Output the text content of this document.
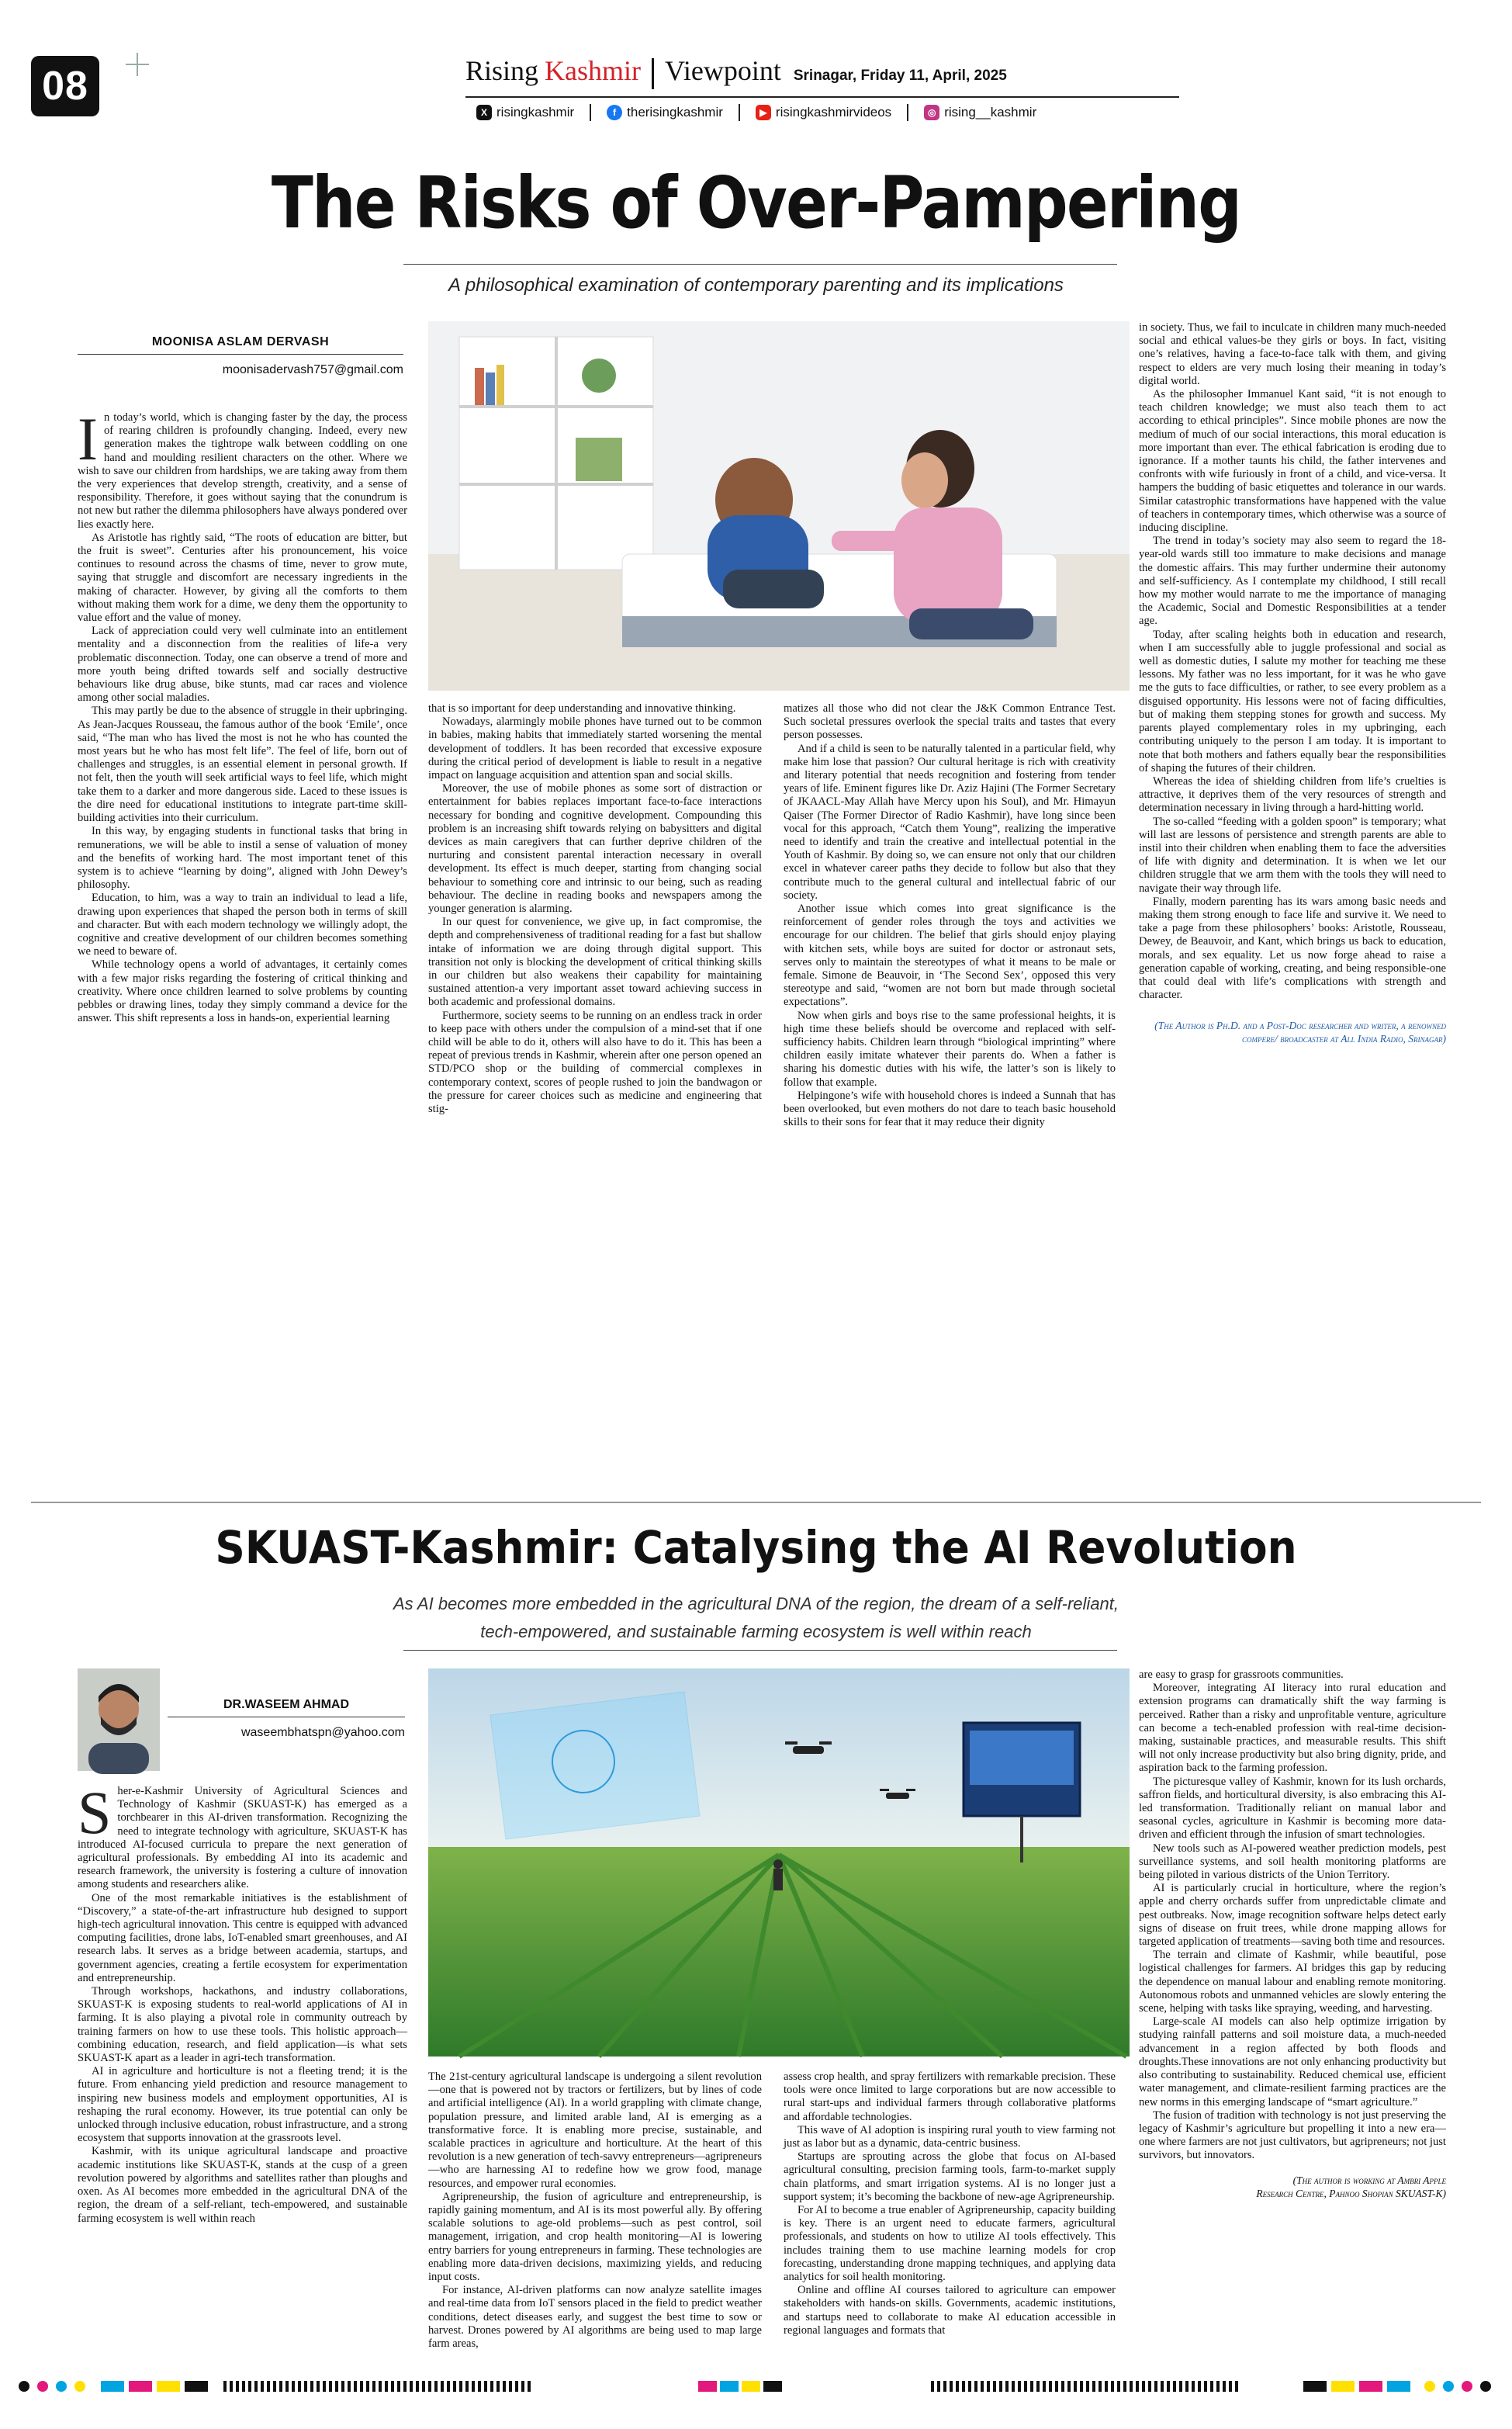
08	Rising Kashmir Viewpoint Srinagar, Friday 11, April, 2025
X risingkashmir	f therisingkashmir	▶ risingkashmirvideos	◎ rising__kashmir
The Risks of Over-Pampering
A philosophical examination of contemporary parenting and its implications
MOONISA ASLAM DERVASH
moonisadervash757@gmail.com

In today’s world, which is changing faster by the day, the process of rearing children is profoundly changing. Indeed, every new generation makes the tightrope walk between coddling on one hand and moulding resilient characters on the other. Where we wish to save our children from hardships, we are taking away from them the very experiences that develop strength, creativity, and a sense of responsibility. Therefore, it goes without saying that the conundrum is not new but rather the dilemma philosophers have always pondered over lies exactly here.

As Aristotle has rightly said, “The roots of education are bitter, but the fruit is sweet”. Centuries after his pronouncement, his voice continues to resound across the chasms of time, never to grow mute, saying that struggle and discomfort are necessary ingredients in the making of character. However, by giving all the comforts to them without making them work for a dime, we deny them the opportunity to value effort and the value of money.

Lack of appreciation could very well culminate into an entitlement mentality and a disconnection from the realities of life-a very problematic disconnection. Today, one can observe a trend of more and more youth being drifted towards self and socially destructive behaviours like drug abuse, bike stunts, mad car races and violence among other social maladies.

This may partly be due to the absence of struggle in their upbringing. As Jean-Jacques Rousseau, the famous author of the book ‘Emile’, once said, “The man who has lived the most is not he who has counted the most years but he who has most felt life”. The feel of life, born out of challenges and struggles, is an essential element in personal growth. If not felt, then the youth will seek artificial ways to feel life, which might take them to a darker and more dangerous side. Laced to these issues is the dire need for educational institutions to integrate part-time skill-building activities into their curriculum.

In this way, by engaging students in functional tasks that bring in remunerations, we will be able to instil a sense of valuation of money and the benefits of working hard. The most important tenet of this system is to achieve “learning by doing”, aligned with John Dewey’s philosophy.

Education, to him, was a way to train an individual to lead a life, drawing upon experiences that shaped the person both in terms of skill and character. But with each modern technology we willingly adopt, the cognitive and creative development of our children becomes something we need to beware of.

While technology opens a world of advantages, it certainly comes with a few major risks regarding the fostering of critical thinking and creativity. Where once children learned to solve problems by counting pebbles or drawing lines, today they simply command a device for the answer. This shift represents a loss in hands-on, experiential learning

that is so important for deep understanding and innovative thinking.

Nowadays, alarmingly mobile phones have turned out to be common in babies, making habits that immediately started worsening the mental development of toddlers. It has been recorded that excessive exposure during the critical period of development is liable to result in a negative impact on language acquisition and attention span and social skills.

Moreover, the use of mobile phones as some sort of distraction or entertainment for babies replaces important face-to-face interactions necessary for bonding and cognitive development. Compounding this problem is an increasing shift towards relying on babysitters and digital devices as main caregivers that can further deprive children of the nurturing and consistent parental interaction necessary in overall development. Its effect is much deeper, starting from changing social behaviour to something core and intrinsic to our being, such as reading behaviour. The decline in reading books and newspapers among the younger generation is alarming.

In our quest for convenience, we give up, in fact compromise, the depth and comprehensiveness of traditional reading for a fast but shallow intake of information we are doing through digital support. This transition not only is blocking the development of critical thinking skills in our children but also weakens their capability for maintaining sustained attention-a very important asset toward achieving success in both academic and professional domains.

Furthermore, society seems to be running on an endless track in order to keep pace with others under the compulsion of a mind-set that if one child will be able to do it, others will also have to do it. This has been a repeat of previous trends in Kashmir, wherein after one person opened an STD/PCO shop or the building of commercial complexes in contemporary context, scores of people rushed to join the bandwagon or the pressure for career choices such as medicine and engineering that stig-

matizes all those who did not clear the J&K Common Entrance Test. Such societal pressures overlook the special traits and tastes that every person possesses.

And if a child is seen to be naturally talented in a particular field, why make him lose that passion? Our cultural heritage is rich with creativity and literary potential that needs recognition and fostering from tender years of life. Eminent figures like Dr. Aziz Hajini (The Former Secretary of JKAACL-May Allah have Mercy upon his Soul), and Mr. Himayun Qaiser (The Former Director of Radio Kashmir), have long since been vocal for this approach, “Catch them Young”, realizing the imperative need to identify and train the creative and intellectual potential in the Youth of Kashmir. By doing so, we can ensure not only that our children excel in whatever career paths they decide to follow but also that they contribute much to the general cultural and intellectual fabric of our society.

Another issue which comes into great significance is the reinforcement of gender roles through the toys and activities we encourage for our children. The belief that girls should enjoy playing with kitchen sets, while boys are suited for doctor or astronaut sets, serves only to maintain the stereotypes of what it means to be male or female. Simone de Beauvoir, in ‘The Second Sex’, opposed this very stereotype and said, “women are not born but made through societal expectations”.

Now when girls and boys rise to the same professional heights, it is high time these beliefs should be overcome and replaced with self-sufficiency habits. Children learn through “biological imprinting” where children easily imitate whatever their parents do. When a father is sharing his domestic duties with his wife, the latter’s son is likely to follow that example.

Helpingone’s wife with household chores is indeed a Sunnah that has been overlooked, but even mothers do not dare to teach basic household skills to their sons for fear that it may reduce their dignity

in society. Thus, we fail to inculcate in children many much-needed social and ethical values-be they girls or boys. In fact, visiting one’s relatives, having a face-to-face talk with them, and giving respect to elders are very much losing their meaning in today’s digital world.

As the philosopher Immanuel Kant said, “it is not enough to teach children knowledge; we must also teach them to act according to ethical principles”. Since mobile phones are now the medium of much of our social interactions, this moral education is more important than ever. The ethical fabrication is eroding due to ignorance. If a mother taunts his child, the father intervenes and confronts with wife furiously in front of a child, and vice-versa. It hampers the budding of basic etiquettes and tolerance in our wards. Similar catastrophic transformations have happened with the value of teachers in contemporary times, which otherwise was a source of inducing discipline.

The trend in today’s society may also seem to regard the 18-year-old wards still too immature to make decisions and manage the domestic affairs. This may further undermine their autonomy and self-sufficiency. As I contemplate my childhood, I still recall how my mother would narrate to me the importance of managing the Academic, Social and Domestic Responsibilities at a tender age.

Today, after scaling heights both in education and research, when I am successfully able to juggle professional and social as well as domestic duties, I salute my mother for teaching me these lessons. My father was no less important, for it was he who gave me the guts to face difficulties, or rather, to see every problem as a disguised opportunity. His lessons were not of facing difficulties, but of making them stepping stones for growth and success. My parents played complementary roles in my upbringing, each contributing uniquely to the person I am today. It is important to note that both mothers and fathers equally bear the responsibilities of shaping the futures of their children.

Whereas the idea of shielding children from life’s cruelties is attractive, it deprives them of the very resources of strength and determination necessary in living through a hard-hitting world.

The so-called “feeding with a golden spoon” is temporary; what will last are lessons of persistence and strength parents are able to instil into their children when enabling them to face the adversities of life with dignity and determination. It is when we let our children struggle that we arm them with the tools they will need to navigate their way through life.

Finally, modern parenting has its wars among basic needs and making them strong enough to face life and survive it. We need to take a page from these philosophers’ books: Aristotle, Rousseau, Dewey, de Beauvoir, and Kant, which brings us back to education, morals, and sex equality. Let us now forge ahead to raise a generation capable of working, creating, and being responsible-one that could deal with life’s complications with strength and character.

(The Author is Ph.D. and a Post-Doc researcher and writer, a renowned compere/ broadcaster at All India Radio, Srinagar)
SKUAST-Kashmir: Catalysing the AI Revolution
As AI becomes more embedded in the agricultural DNA of the region, the dream of a self-reliant,
tech-empowered, and sustainable farming ecosystem is well within reach
DR.WASEEM AHMAD
waseembhatspn@yahoo.com

Sher-e-Kashmir University of Agricultural Sciences and Technology of Kashmir (SKUAST-K) has emerged as a torchbearer in this AI-driven transformation. Recognizing the need to integrate technology with agriculture, SKUAST-K has introduced AI-focused curricula to prepare the next generation of agricultural professionals. By embedding AI into its academic and research framework, the university is fostering a culture of innovation among students and researchers alike.

One of the most remarkable initiatives is the establishment of “Discovery,” a state-of-the-art infrastructure hub designed to support high-tech agricultural innovation. This centre is equipped with advanced computing facilities, drone labs, IoT-enabled smart greenhouses, and AI research labs. It serves as a bridge between academia, startups, and government agencies, creating a fertile ecosystem for experimentation and entrepreneurship.

Through workshops, hackathons, and industry collaborations, SKUAST-K is exposing students to real-world applications of AI in farming. It is also playing a pivotal role in community outreach by training farmers on how to use these tools. This holistic approach—combining education, research, and field application—is what sets SKUAST-K apart as a leader in agri-tech transformation.

AI in agriculture and horticulture is not a fleeting trend; it is the future. From enhancing yield prediction and resource management to inspiring new business models and employment opportunities, AI is reshaping the rural economy. However, its true potential can only be unlocked through inclusive education, robust infrastructure, and a strong ecosystem that supports innovation at the grassroots level.

Kashmir, with its unique agricultural landscape and proactive academic institutions like SKUAST-K, stands at the cusp of a green revolution powered by algorithms and satellites rather than ploughs and oxen. As AI becomes more embedded in the agricultural DNA of the region, the dream of a self-reliant, tech-empowered, and sustainable farming ecosystem is well within reach

The 21st-century agricultural landscape is undergoing a silent revolution—one that is powered not by tractors or fertilizers, but by lines of code and artificial intelligence (AI). In a world grappling with climate change, population pressure, and limited arable land, AI is emerging as a transformative force. It is enabling more precise, sustainable, and scalable practices in agriculture and horticulture. At the heart of this revolution is a new generation of tech-savvy entrepreneurs—agripreneurs—who are harnessing AI to redefine how we grow food, manage resources, and empower rural economies.

Agripreneurship, the fusion of agriculture and entrepreneurship, is rapidly gaining momentum, and AI is its most powerful ally. By offering scalable solutions to age-old problems—such as pest control, soil management, irrigation, and crop health monitoring—AI is lowering entry barriers for young entrepreneurs in farming. These technologies are enabling more data-driven decisions, maximizing yields, and reducing input costs.

For instance, AI-driven platforms can now analyze satellite images and real-time data from IoT sensors placed in the field to predict weather conditions, detect diseases early, and suggest the best time to sow or harvest. Drones powered by AI algorithms are being used to map large farm areas,

assess crop health, and spray fertilizers with remarkable precision. These tools were once limited to large corporations but are now accessible to rural start-ups and individual farmers through collaborative platforms and affordable technologies.

This wave of AI adoption is inspiring rural youth to view farming not just as labor but as a dynamic, data-centric business.

Startups are sprouting across the globe that focus on AI-based agricultural consulting, precision farming tools, farm-to-market supply chain platforms, and smart irrigation systems. AI is no longer just a support system; it’s becoming the backbone of new-age Agripreneurship.

For AI to become a true enabler of Agripreneurship, capacity building is key. There is an urgent need to educate farmers, agricultural professionals, and students on how to utilize AI tools effectively. This includes training them to use machine learning models for crop forecasting, understanding drone mapping techniques, and applying data analytics for soil health monitoring.

Online and offline AI courses tailored to agriculture can empower stakeholders with hands-on skills. Governments, academic institutions, and startups need to collaborate to make AI education accessible in regional languages and formats that

are easy to grasp for grassroots communities.

Moreover, integrating AI literacy into rural education and extension programs can dramatically shift the way farming is perceived. Rather than a risky and unprofitable venture, agriculture can become a tech-enabled profession with real-time decision-making, sustainable practices, and measurable results. This shift will not only increase productivity but also bring dignity, pride, and aspiration back to the farming profession.

The picturesque valley of Kashmir, known for its lush orchards, saffron fields, and horticultural diversity, is also embracing this AI-led transformation. Traditionally reliant on manual labor and seasonal cycles, agriculture in Kashmir is becoming more data-driven and efficient through the infusion of smart technologies.

New tools such as AI-powered weather prediction models, pest surveillance systems, and soil health monitoring platforms are being piloted in various districts of the Union Territory.

AI is particularly crucial in horticulture, where the region’s apple and cherry orchards suffer from unpredictable climate and pest outbreaks. Now, image recognition software helps detect early signs of disease on fruit trees, while drone mapping allows for targeted application of treatments—saving both time and resources.

The terrain and climate of Kashmir, while beautiful, pose logistical challenges for farmers. AI bridges this gap by reducing the dependence on manual labour and enabling remote monitoring. Autonomous robots and unmanned vehicles are slowly entering the scene, helping with tasks like spraying, weeding, and harvesting.

Large-scale AI models can also help optimize irrigation by studying rainfall patterns and soil moisture data, a much-needed advancement in a region affected by both floods and droughts.These innovations are not only enhancing productivity but also contributing to sustainability. Reduced chemical use, efficient water management, and climate-resilient farming practices are the new norms in this emerging landscape of “smart agriculture.”

The fusion of tradition with technology is not just preserving the legacy of Kashmir’s agriculture but propelling it into a new era—one where farmers are not just cultivators, but agripreneurs; not just survivors, but innovators.

(The author is working at Ambri Apple
Research Centre, Pahnoo Shopian SKUAST-K)
